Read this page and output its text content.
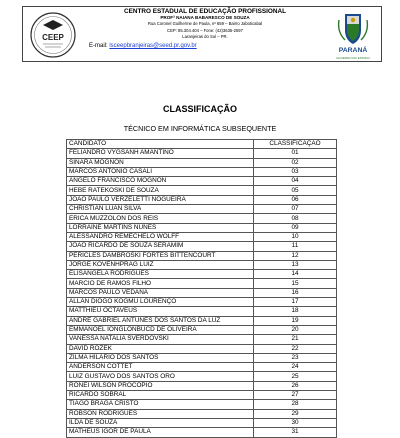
CEEP
CENTRO ESTADUAL DE EDUCAÇÃO PROFISSIONAL
PROFª NAIANA BABARESCO DE SOUZA
Rua Coronel Guilherme de Paula, nº 659 – Bairro Jaboticabal
CEP: 85.304.404 – Fone: (42)3635-2597
Laranjeiras do Sul – PR.
E-mail: lsceepbranjeiras@seed.pr.gov.br
PARANÁ
GOVERNO DO ESTADO
CLASSIFICAÇÃO
TÉCNICO EM INFORMÁTICA SUBSEQUENTE
CANDIDATO	CLASSIFICAÇÃO
FELIANDRO VYGSANH AMANTINO	01
SINARA MOGNON	02
MARCOS ANTONIO CASALI	03
ANGELO FRANCISCO MOGNON	04
HEBE RATEKOSKI DE SOUZA	05
JOÃO PAULO VERZELETTI NOGUEIRA	06
CHRISTIAN LUAN SILVA	07
ERICA MUZZOLON DOS REIS	08
LORRAINE MARTINS NUNES	09
ALESSANDRO REMECHELO WOLFF	10
JOÃO RICARDO DE SOUZA SERAMIM	11
PERICLES DAMBROSKI FORTES BITTENCOURT	12
JORGE KOVENHPRAG LUIZ	13
ELISANGELA RODRIGUES	14
MARCIO DE RAMOS FILHO	15
MARCOS PAULO VEDANA	16
ALLAN DIOGO KOGMU LOURENÇO	17
MATTHIEU OCTAVEUS	18
ANDRÉ GABRIEL ANTUNES DOS SANTOS DA LUZ	19
EMMANOEL IONGLONBUCD DE OLIVEIRA	20
VANESSA NATALIA SVERDOVSKI	21
DAVID ROZEK	22
ZILMA HILARIO DOS SANTOS	23
ANDERSON COTTET	24
LUIZ GUSTAVO DOS SANTOS ORO	25
RONEI WILSON PROCOPIO	26
RICARDO SOBRAL	27
TIAGO BRAGA CRISTO	28
ROBSON RODRIGUES	29
ILDA DE SOUZA	30
MATHEUS IGOR DE PAULA	31
